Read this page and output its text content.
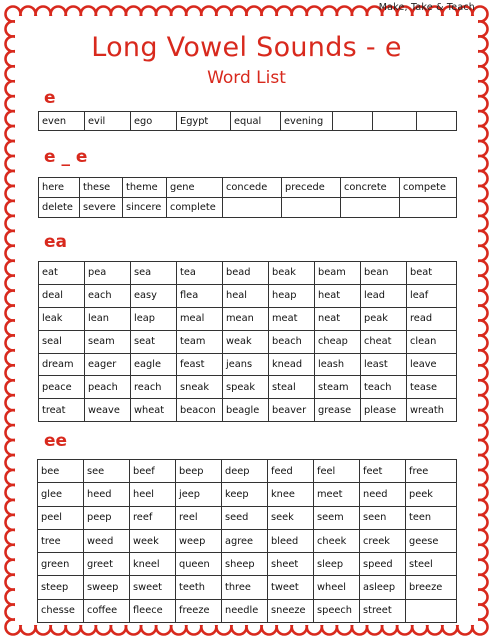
Make, Take & Teach
Long Vowel Sounds - e
Word List
e
even	evil	ego	Egypt	equal	evening			
e _ e
here	these	theme	gene	concede	precede	concrete	compete
delete	severe	sincere	complete				
ea
eat	pea	sea	tea	bead	beak	beam	bean	beat
deal	each	easy	flea	heal	heap	heat	lead	leaf
leak	lean	leap	meal	mean	meat	neat	peak	read
seal	seam	seat	team	weak	beach	cheap	cheat	clean
dream	eager	eagle	feast	jeans	knead	leash	least	leave
peace	peach	reach	sneak	speak	steal	steam	teach	tease
treat	weave	wheat	beacon	beagle	beaver	grease	please	wreath
ee
bee	see	beef	beep	deep	feed	feel	feet	free
glee	heed	heel	jeep	keep	knee	meet	need	peek
peel	peep	reef	reel	seed	seek	seem	seen	teen
tree	weed	week	weep	agree	bleed	cheek	creek	geese
green	greet	kneel	queen	sheep	sheet	sleep	speed	steel
steep	sweep	sweet	teeth	three	tweet	wheel	asleep	breeze
chesse	coffee	fleece	freeze	needle	sneeze	speech	street	
